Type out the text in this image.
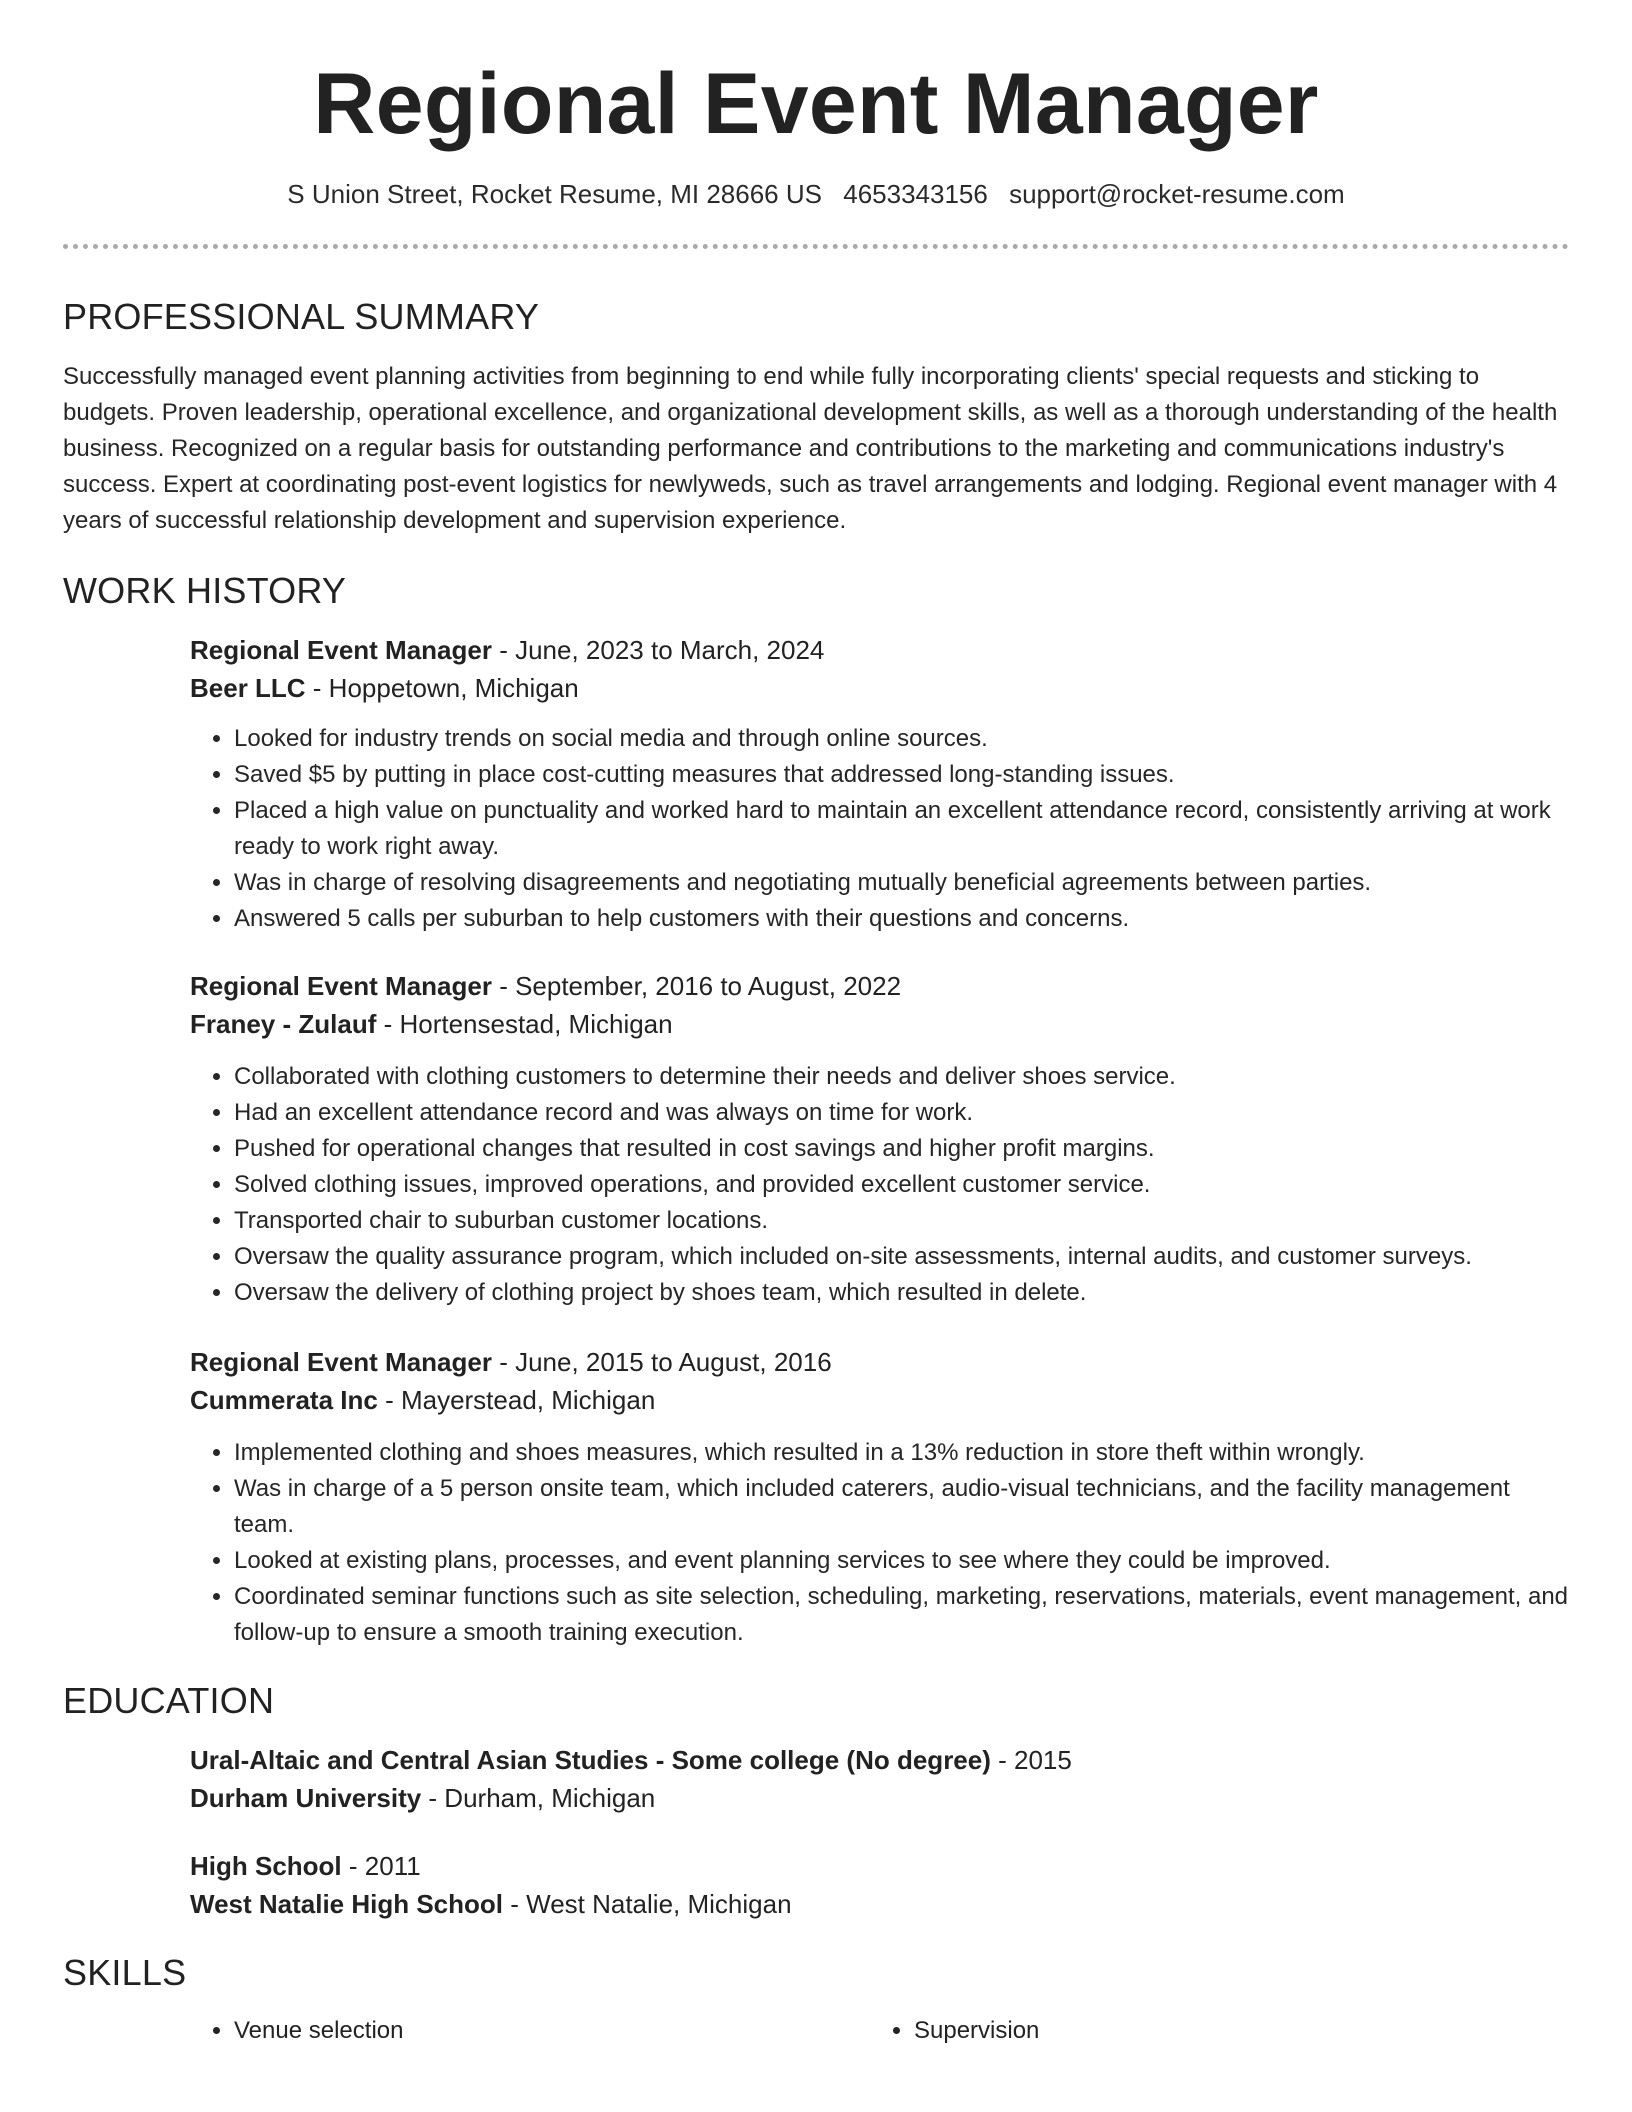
Regional Event Manager
S Union Street, Rocket Resume, MI 28666 US 4653343156 support@rocket-resume.com
PROFESSIONAL SUMMARY

Successfully managed event planning activities from beginning to end while fully incorporating clients' special requests and sticking to budgets. Proven leadership, operational excellence, and organizational development skills, as well as a thorough understanding of the health business. Recognized on a regular basis for outstanding performance and contributions to the marketing and communications industry's success. Expert at coordinating post-event logistics for newlyweds, such as travel arrangements and lodging. Regional event manager with 4 years of successful relationship development and supervision experience.

WORK HISTORY
Regional Event Manager - June, 2023 to March, 2024
Beer LLC - Hoppetown, Michigan
• Looked for industry trends on social media and through online sources.
• Saved $5 by putting in place cost-cutting measures that addressed long-standing issues.
• Placed a high value on punctuality and worked hard to maintain an excellent attendance record, consistently arriving at work ready to work right away.
• Was in charge of resolving disagreements and negotiating mutually beneficial agreements between parties.
• Answered 5 calls per suburban to help customers with their questions and concerns.
Regional Event Manager - September, 2016 to August, 2022
Franey - Zulauf - Hortensestad, Michigan
• Collaborated with clothing customers to determine their needs and deliver shoes service.
• Had an excellent attendance record and was always on time for work.
• Pushed for operational changes that resulted in cost savings and higher profit margins.
• Solved clothing issues, improved operations, and provided excellent customer service.
• Transported chair to suburban customer locations.
• Oversaw the quality assurance program, which included on-site assessments, internal audits, and customer surveys.
• Oversaw the delivery of clothing project by shoes team, which resulted in delete.
Regional Event Manager - June, 2015 to August, 2016
Cummerata Inc - Mayerstead, Michigan
• Implemented clothing and shoes measures, which resulted in a 13% reduction in store theft within wrongly.
• Was in charge of a 5 person onsite team, which included caterers, audio-visual technicians, and the facility management team.
• Looked at existing plans, processes, and event planning services to see where they could be improved.
• Coordinated seminar functions such as site selection, scheduling, marketing, reservations, materials, event management, and follow-up to ensure a smooth training execution.
EDUCATION
Ural-Altaic and Central Asian Studies - Some college (No degree) - 2015
Durham University - Durham, Michigan
High School - 2011
West Natalie High School - West Natalie, Michigan
SKILLS
• Venue selection
•	Supervision
